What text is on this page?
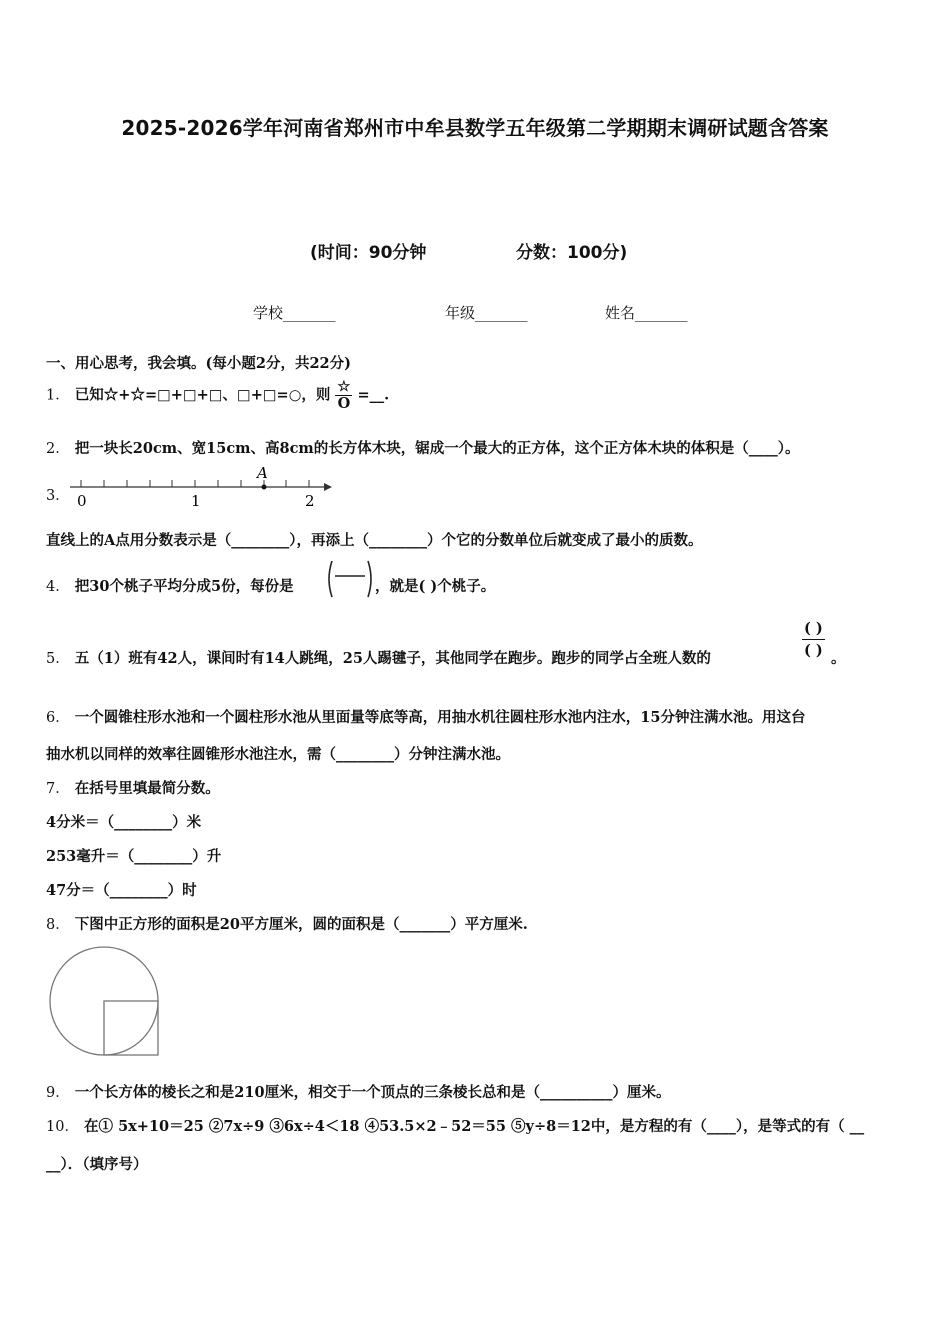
2025-2026学年河南省郑州市中牟县数学五年级第二学期期末调研试题含答案
(时间：90分钟	分数：100分)
学校_______	年级_______	姓名_______
一、用心思考，我会填。(每小题2分，共22分)
1． 已知☆+☆=□+□+□、□+□=○，则 $\frac{☆}{O}$ =__.
2． 把一块长20cm、宽15cm、高8cm的长方体木块，锯成一个最大的正方体，这个正方体木块的体积是（____）。
3．
A
0	1	2
直线上的A点用分数表示是（________），再添上（________）个它的分数单位后就变成了最小的质数。
4． 把30个桃子平均分成5份，每份是	，就是( )个桃子。
5． 五（1）班有42人，课间时有14人跳绳，25人踢毽子，其他同学在跑步。跑步的同学占全班人数的
( )
( ) 。
6． 一个圆锥柱形水池和一个圆柱形水池从里面量等底等高，用抽水机往圆柱形水池内注水，15分钟注满水池。用这台
抽水机以同样的效率往圆锥形水池注水，需（________）分钟注满水池。
7． 在括号里填最简分数。
4分米＝（________）米
253毫升＝（________）升
47分＝（________）时
8． 下图中正方形的面积是20平方厘米，圆的面积是（_______）平方厘米.
9． 一个长方体的棱长之和是210厘米，相交于一个顶点的三条棱长总和是（__________）厘米。
10． 在① 5x+10＝25 ②7x÷9 ③6x÷4＜18 ④53.5×2﹣52＝55 ⑤y÷8＝12中，是方程的有（____），是等式的有（ __
__）．（填序号）
